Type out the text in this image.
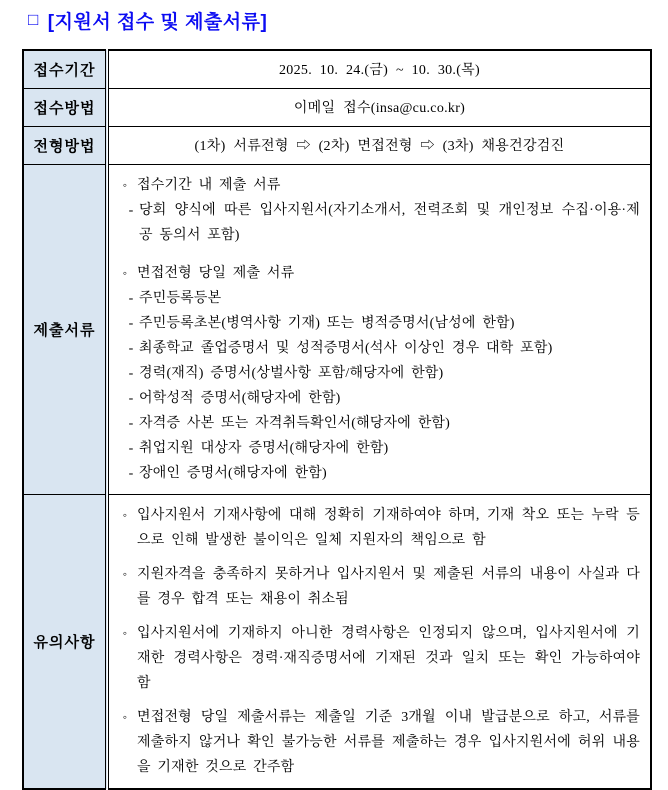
□ [지원서 접수 및 제출서류]
접수기간	2025. 10. 24.(금) ~ 10. 30.(목)
접수방법	이메일 접수(insa@cu.co.kr)
전형방법	(1차) 서류전형 ⇨ (2차) 면접전형 ⇨ (3차) 채용건강검진
제출서류	
◦ 접수기간 내 제출 서류
- 당회 양식에 따른 입사지원서(자기소개서, 전력조회 및 개인정보 수집·이용·제공 동의서 포함)
◦ 면접전형 당일 제출 서류
- 주민등록등본
- 주민등록초본(병역사항 기재) 또는 병적증명서(남성에 한함)
- 최종학교 졸업증명서 및 성적증명서(석사 이상인 경우 대학 포함)
- 경력(재직) 증명서(상벌사항 포함/해당자에 한함)
- 어학성적 증명서(해당자에 한함)
- 자격증 사본 또는 자격취득확인서(해당자에 한함)
- 취업지원 대상자 증명서(해당자에 한함)
- 장애인 증명서(해당자에 한함)

유의사항	
◦ 입사지원서 기재사항에 대해 정확히 기재하여야 하며, 기재 착오 또는 누락 등으로 인해 발생한 불이익은 일체 지원자의 책임으로 함
◦ 지원자격을 충족하지 못하거나 입사지원서 및 제출된 서류의 내용이 사실과 다를 경우 합격 또는 채용이 취소됨
◦ 입사지원서에 기재하지 아니한 경력사항은 인정되지 않으며, 입사지원서에 기재한 경력사항은 경력·재직증명서에 기재된 것과 일치 또는 확인 가능하여야 함
◦ 면접전형 당일 제출서류는 제출일 기준 3개월 이내 발급분으로 하고, 서류를 제출하지 않거나 확인 불가능한 서류를 제출하는 경우 입사지원서에 허위 내용을 기재한 것으로 간주함
